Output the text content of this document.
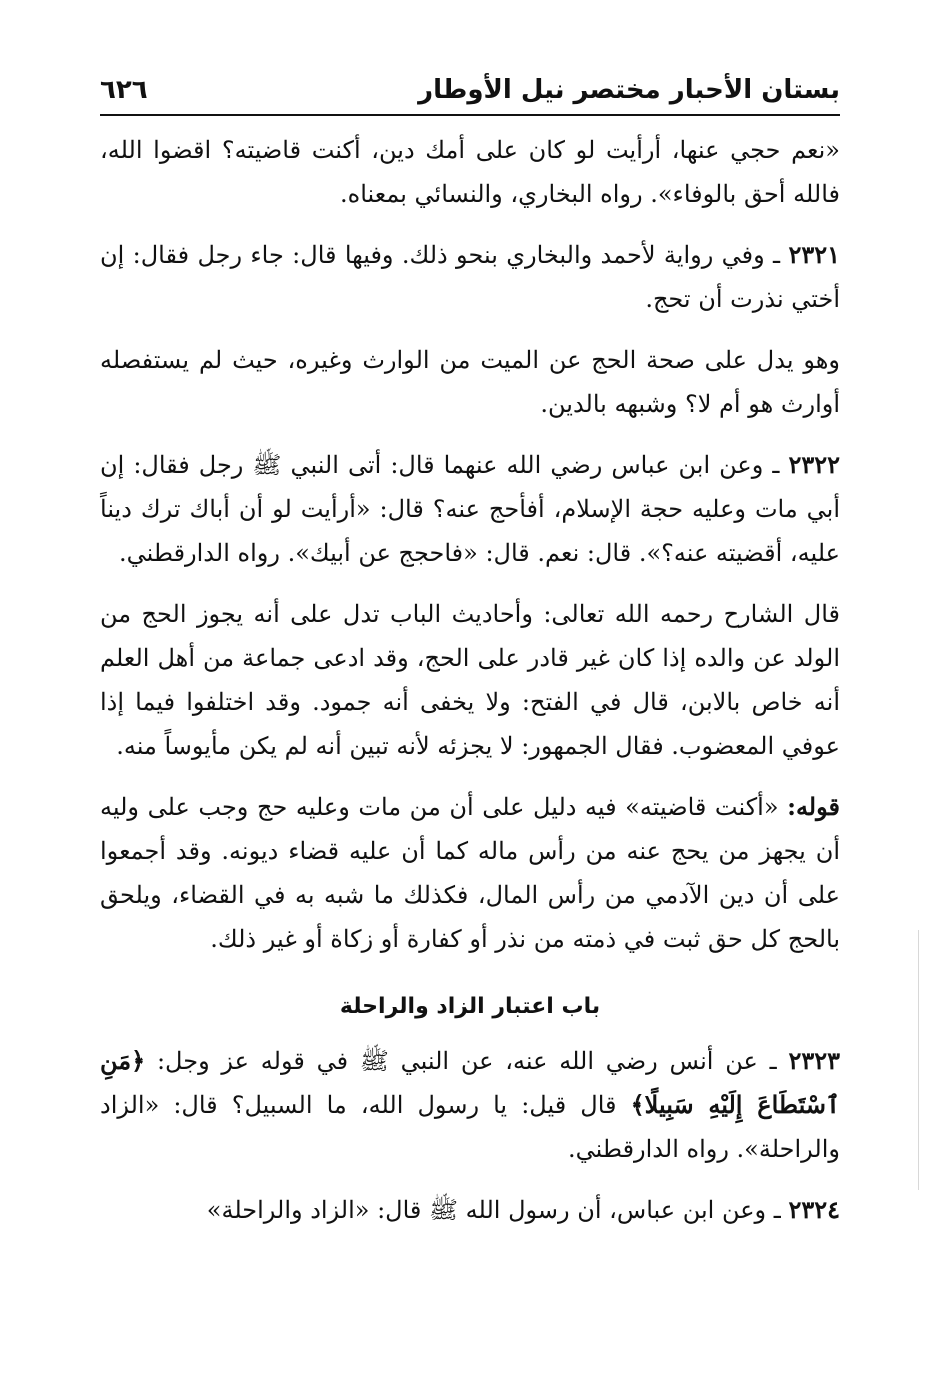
بستان الأحبار مختصر نيل الأوطار
٦٢٦

«نعم حجي عنها، أرأيت لو كان على أمك دين، أكنت قاضيته؟ اقضوا الله، فالله أحق بالوفاء». رواه البخاري، والنسائي بمعناه.

٢٣٢١ ـ وفي رواية لأحمد والبخاري بنحو ذلك. وفيها قال: جاء رجل فقال: إن أختي نذرت أن تحج.

وهو يدل على صحة الحج عن الميت من الوارث وغيره، حيث لم يستفصله أوارث هو أم لا؟ وشبهه بالدين.

٢٣٢٢ ـ وعن ابن عباس رضي الله عنهما قال: أتى النبي ﷺ رجل فقال: إن أبي مات وعليه حجة الإسلام، أفأحج عنه؟ قال: «أرأيت لو أن أباك ترك ديناً عليه، أقضيته عنه؟». قال: نعم. قال: «فاحجج عن أبيك». رواه الدارقطني.

قال الشارح رحمه الله تعالى: وأحاديث الباب تدل على أنه يجوز الحج من الولد عن والده إذا كان غير قادر على الحج، وقد ادعى جماعة من أهل العلم أنه خاص بالابن، قال في الفتح: ولا يخفى أنه جمود. وقد اختلفوا فيما إذا عوفي المعضوب. فقال الجمهور: لا يجزئه لأنه تبين أنه لم يكن مأيوساً منه.

قوله: «أكنت قاضيته» فيه دليل على أن من مات وعليه حج وجب على وليه أن يجهز من يحج عنه من رأس ماله كما أن عليه قضاء ديونه. وقد أجمعوا على أن دين الآدمي من رأس المال، فكذلك ما شبه به في القضاء، ويلحق بالحج كل حق ثبت في ذمته من نذر أو كفارة أو زكاة أو غير ذلك.

باب اعتبار الزاد والراحلة

٢٣٢٣ ـ عن أنس رضي الله عنه، عن النبي ﷺ في قوله عز وجل: ﴿مَنِ ٱسْتَطَاعَ إِلَيْهِ سَبِيلًا﴾ قال قيل: يا رسول الله، ما السبيل؟ قال: «الزاد والراحلة». رواه الدارقطني.

٢٣٢٤ ـ وعن ابن عباس، أن رسول الله ﷺ قال: «الزاد والراحلة»
